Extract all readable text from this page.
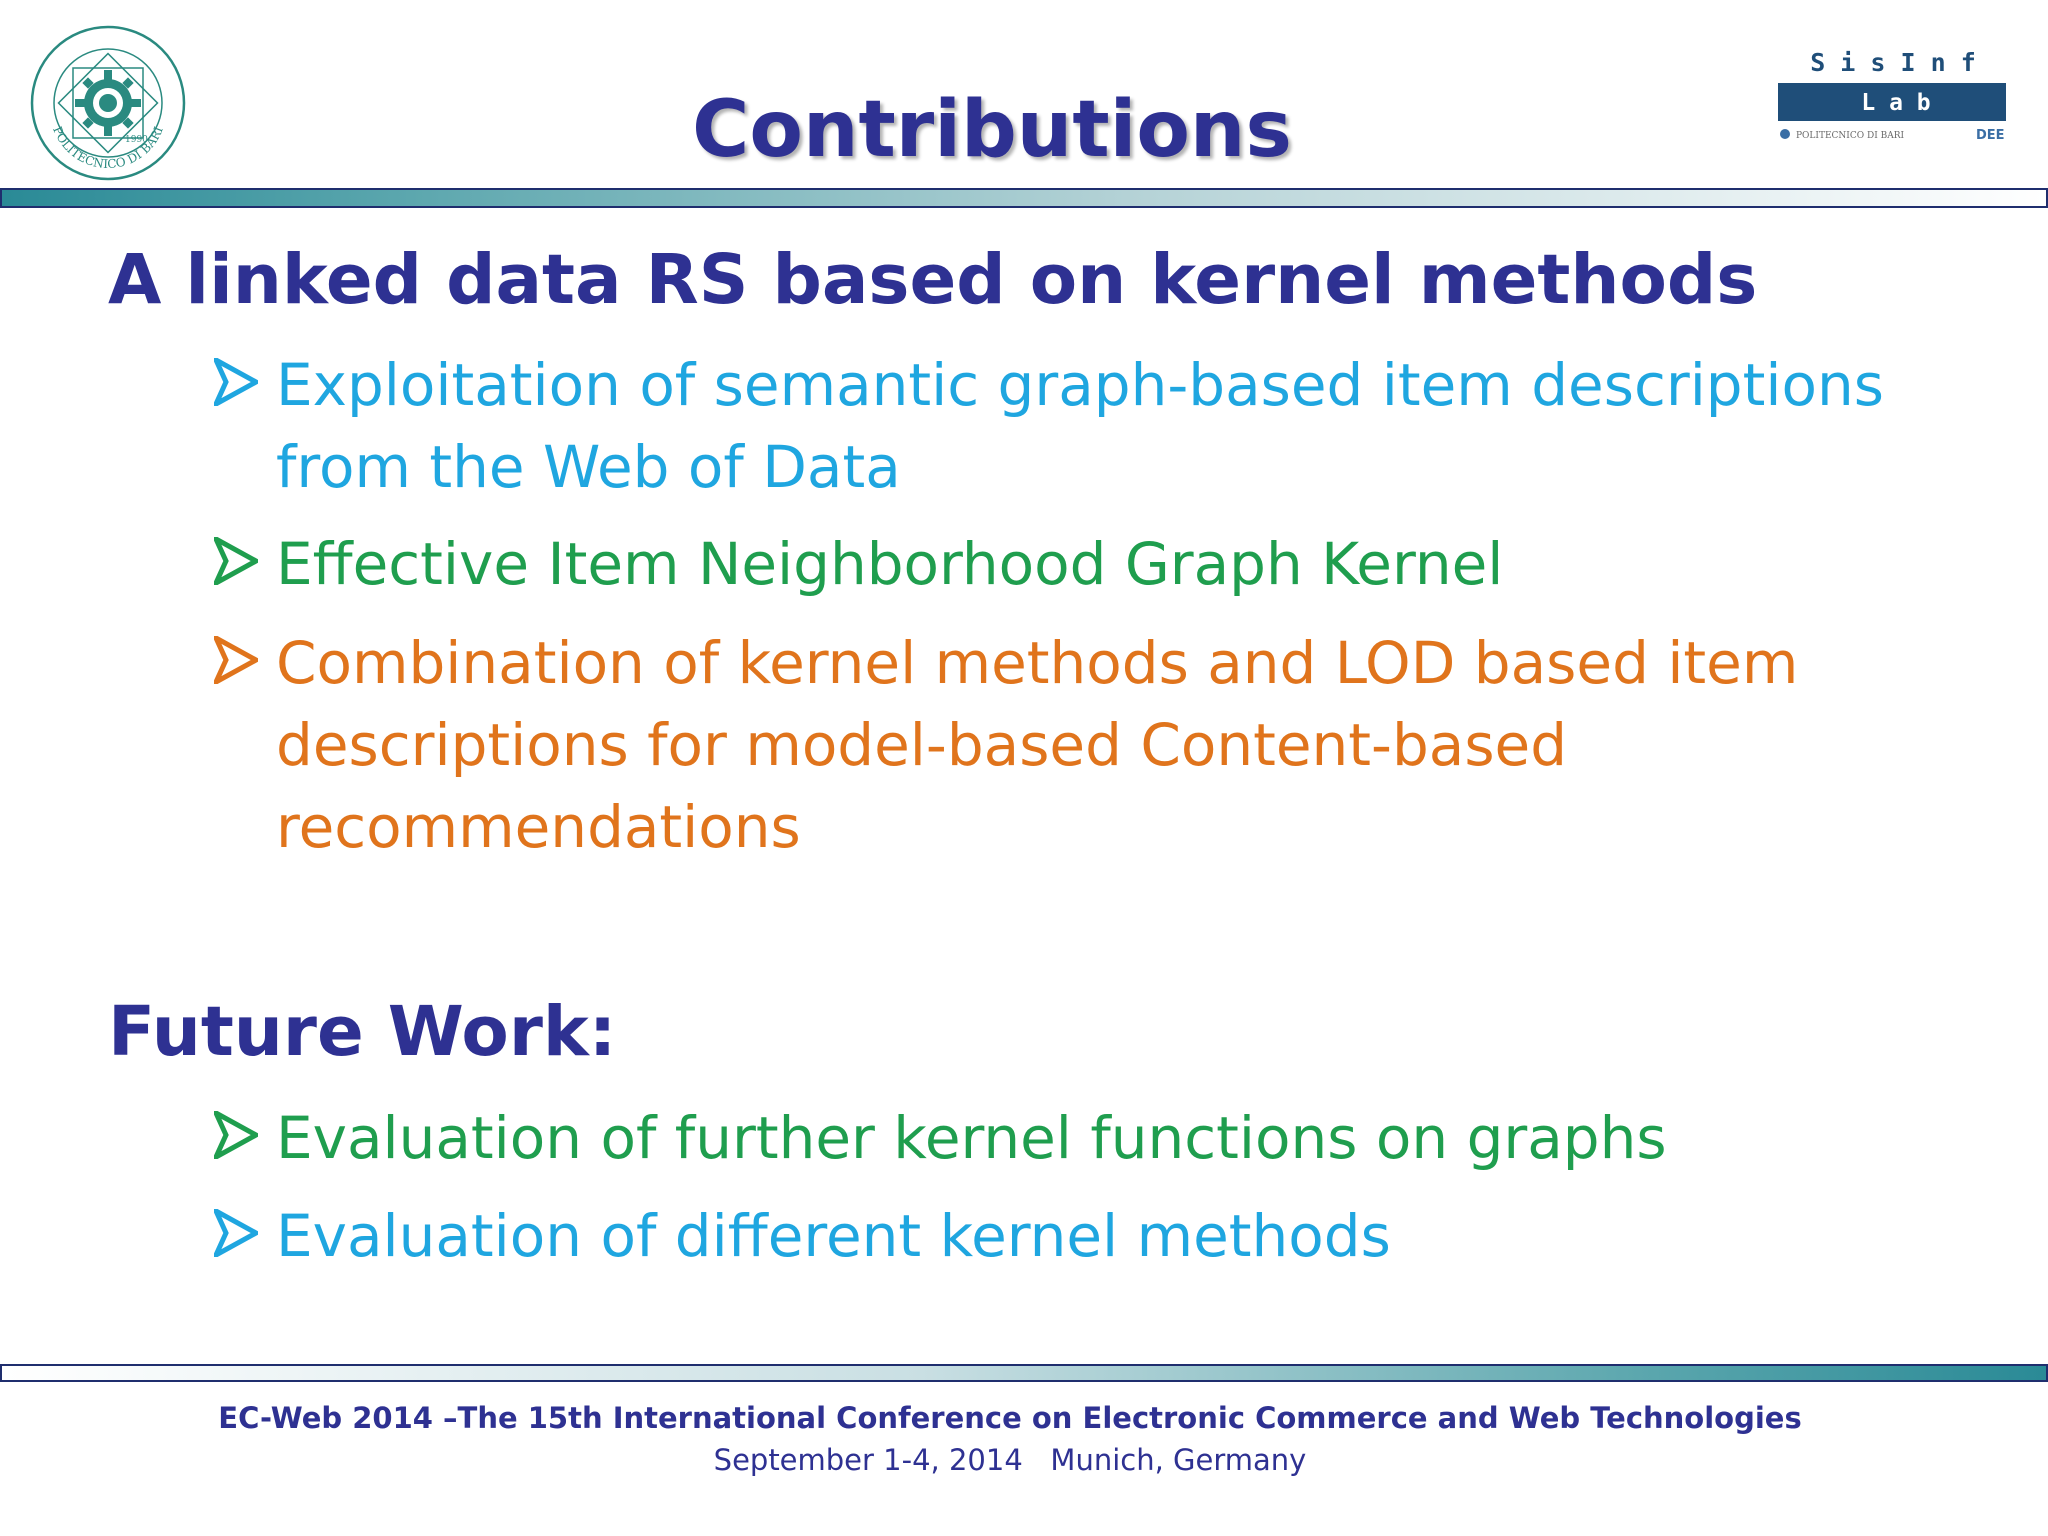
POLITECNICO DI BARI
1990	Contributions
S i s I n f
L a b
POLITECNICO DI BARI	DEE
A linked data RS based on kernel methods
Exploitation of semantic graph-based item descriptions from the Web of Data
Effective Item Neighborhood Graph Kernel
Combination of kernel methods and LOD based item descriptions for model-based Content-based recommendations
Future Work:
Evaluation of further kernel functions on graphs
Evaluation of different kernel methods
EC-Web 2014 –The 15th International Conference on Electronic Commerce and Web Technologies
September 1-4, 2014   Munich, Germany
